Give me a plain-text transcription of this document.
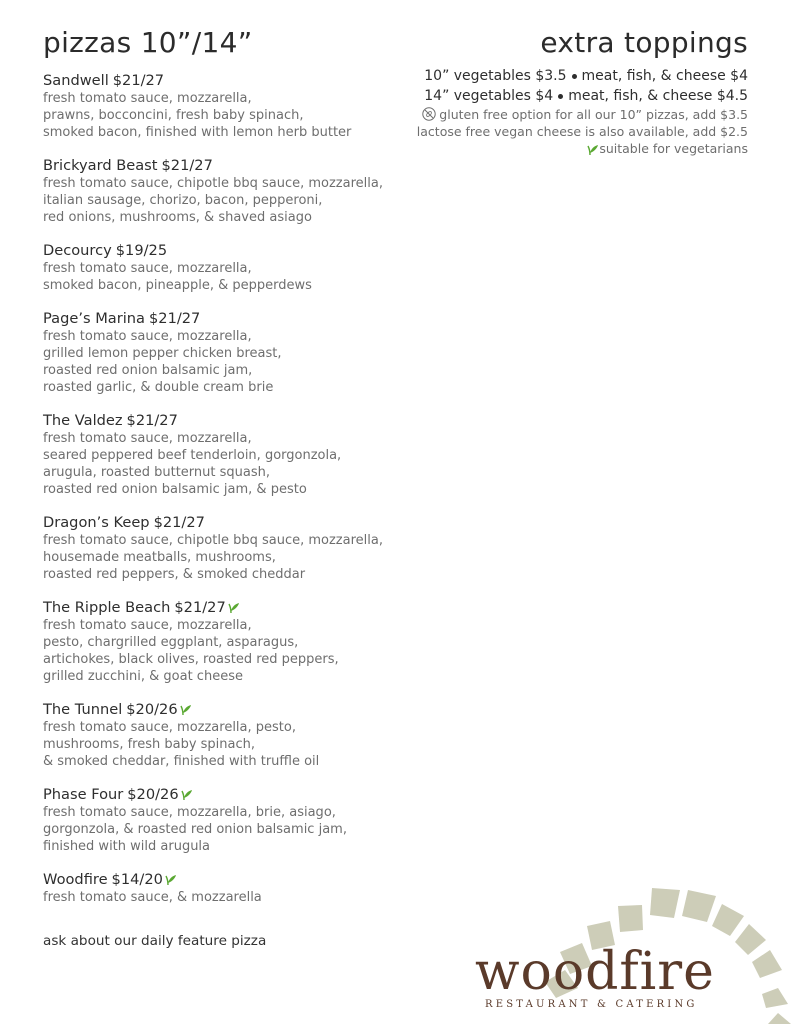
pizzas 10”/14”	extra toppings
Sandwell $21/27
fresh tomato sauce, mozzarella,
prawns, bocconcini, fresh baby spinach,
smoked bacon, finished with lemon herb butter
Brickyard Beast $21/27
fresh tomato sauce, chipotle bbq sauce, mozzarella,
italian sausage, chorizo, bacon, pepperoni,
red onions, mushrooms, & shaved asiago
Decourcy $19/25
fresh tomato sauce, mozzarella,
smoked bacon, pineapple, & pepperdews
Page’s Marina $21/27
fresh tomato sauce, mozzarella,
grilled lemon pepper chicken breast,
roasted red onion balsamic jam,
roasted garlic, & double cream brie
The Valdez $21/27
fresh tomato sauce, mozzarella,
seared peppered beef tenderloin, gorgonzola,
arugula, roasted butternut squash,
roasted red onion balsamic jam, & pesto
Dragon’s Keep $21/27
fresh tomato sauce, chipotle bbq sauce, mozzarella,
housemade meatballs, mushrooms,
roasted red peppers, & smoked cheddar
The Ripple Beach $21/27
fresh tomato sauce, mozzarella,
pesto, chargrilled eggplant, asparagus,
artichokes, black olives, roasted red peppers,
grilled zucchini, & goat cheese
The Tunnel $20/26
fresh tomato sauce, mozzarella, pesto,
mushrooms, fresh baby spinach,
& smoked cheddar, finished with truffle oil
Phase Four $20/26
fresh tomato sauce, mozzarella, brie, asiago,
gorgonzola, & roasted red onion balsamic jam,
finished with wild arugula
Woodfire $14/20
fresh tomato sauce, & mozzarella
ask about our daily feature pizza
10” vegetables $3.5 meat, fish, & cheese $4
14” vegetables $4 meat, fish, & cheese $4.5
gluten free option for all our 10” pizzas, add $3.5
lactose free vegan cheese is also available, add $2.5
suitable for vegetarians
woodfire
RESTAURANT & CATERING
